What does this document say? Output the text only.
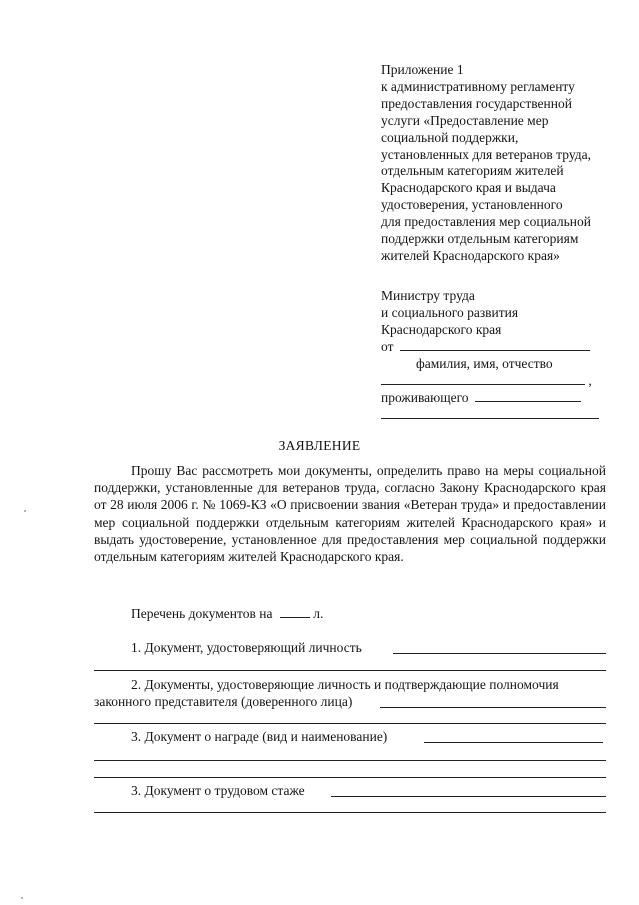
Приложение 1
к административному регламенту
предоставления государственной
услуги «Предоставление мер
социальной поддержки,
установленных для ветеранов труда,
отдельным категориям жителей
Краснодарского края и выдача
удостоверения, установленного
для предоставления мер социальной
поддержки отдельным категориям
жителей Краснодарского края»
Министру труда
и социального развития
Краснодарского края
от
фамилия, имя, отчество
,
проживающего
ЗАЯВЛЕНИЕ
Прошу Вас рассмотреть мои документы, определить право на меры социальной поддержки, установленные для ветеранов труда, согласно Закону Краснодарского края от 28 июля 2006 г. № 1069-КЗ «О присвоении звания «Ветеран труда» и предоставлении мер социальной поддержки отдельным категориям жителей Краснодарского края» и выдать удостоверение, установленное для предоставления мер социальной поддержки отдельным категориям жителей Краснодарского края.
Перечень документов на	л.
1. Документ, удостоверяющий личность
2. Документы, удостоверяющие личность и подтверждающие полномочия
законного представителя (доверенного лица)
3. Документ о награде (вид и наименование)
3. Документ о трудовом стаже
